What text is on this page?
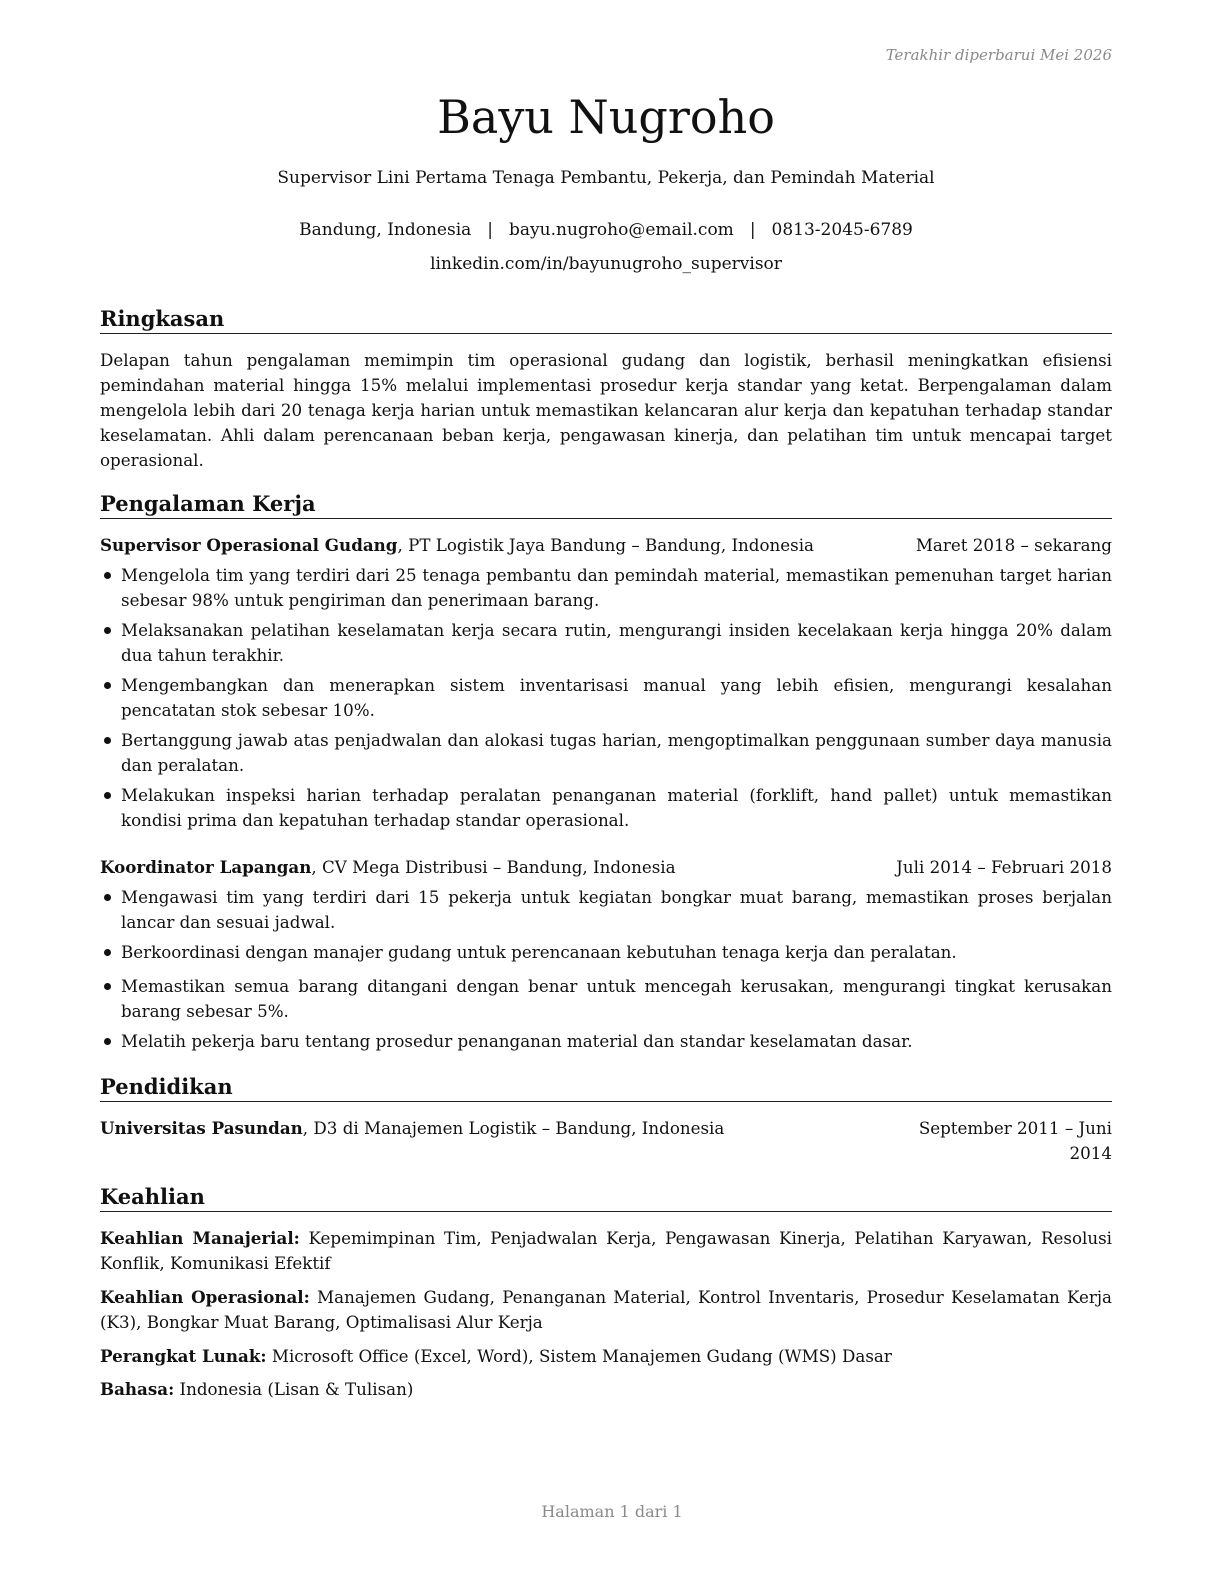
Terakhir diperbarui Mei 2026
Bayu Nugroho
Supervisor Lini Pertama Tenaga Pembantu, Pekerja, dan Pemindah Material
Bandung, Indonesia | bayu.nugroho@email.com | 0813-2045-6789
linkedin.com/in/bayunugroho_supervisor
Ringkasan
Delapan tahun pengalaman memimpin tim operasional gudang dan logistik, berhasil meningkatkan efisiensi pemindahan material hingga 15% melalui implementasi prosedur kerja standar yang ketat. Berpengalaman dalam mengelola lebih dari 20 tenaga kerja harian untuk memastikan kelancaran alur kerja dan kepatuhan terhadap standar keselamatan. Ahli dalam perencanaan beban kerja, pengawasan kinerja, dan pelatihan tim untuk mencapai target operasional.
Pengalaman Kerja
Supervisor Operasional Gudang, PT Logistik Jaya Bandung – Bandung, Indonesia	Maret 2018 – sekarang
Mengelola tim yang terdiri dari 25 tenaga pembantu dan pemindah material, memastikan pemenuhan target harian sebesar 98% untuk pengiriman dan penerimaan barang.
Melaksanakan pelatihan keselamatan kerja secara rutin, mengurangi insiden kecelakaan kerja hingga 20% dalam dua tahun terakhir.
Mengembangkan dan menerapkan sistem inventarisasi manual yang lebih efisien, mengurangi kesalahan pencatatan stok sebesar 10%.
Bertanggung jawab atas penjadwalan dan alokasi tugas harian, mengoptimalkan penggunaan sumber daya manusia dan peralatan.
Melakukan inspeksi harian terhadap peralatan penanganan material (forklift, hand pallet) untuk memastikan kondisi prima dan kepatuhan terhadap standar operasional.
Koordinator Lapangan, CV Mega Distribusi – Bandung, Indonesia	Juli 2014 – Februari 2018
Mengawasi tim yang terdiri dari 15 pekerja untuk kegiatan bongkar muat barang, memastikan proses berjalan lancar dan sesuai jadwal.
Berkoordinasi dengan manajer gudang untuk perencanaan kebutuhan tenaga kerja dan peralatan.
Memastikan semua barang ditangani dengan benar untuk mencegah kerusakan, mengurangi tingkat kerusakan barang sebesar 5%.
Melatih pekerja baru tentang prosedur penanganan material dan standar keselamatan dasar.
Pendidikan
Universitas Pasundan, D3 di Manajemen Logistik – Bandung, Indonesia	September 2011 – Juni 2014
Keahlian
Keahlian Manajerial: Kepemimpinan Tim, Penjadwalan Kerja, Pengawasan Kinerja, Pelatihan Karyawan, Resolusi Konflik, Komunikasi Efektif
Keahlian Operasional: Manajemen Gudang, Penanganan Material, Kontrol Inventaris, Prosedur Keselamatan Kerja (K3), Bongkar Muat Barang, Optimalisasi Alur Kerja
Perangkat Lunak: Microsoft Office (Excel, Word), Sistem Manajemen Gudang (WMS) Dasar
Bahasa: Indonesia (Lisan & Tulisan)
Halaman 1 dari 1
